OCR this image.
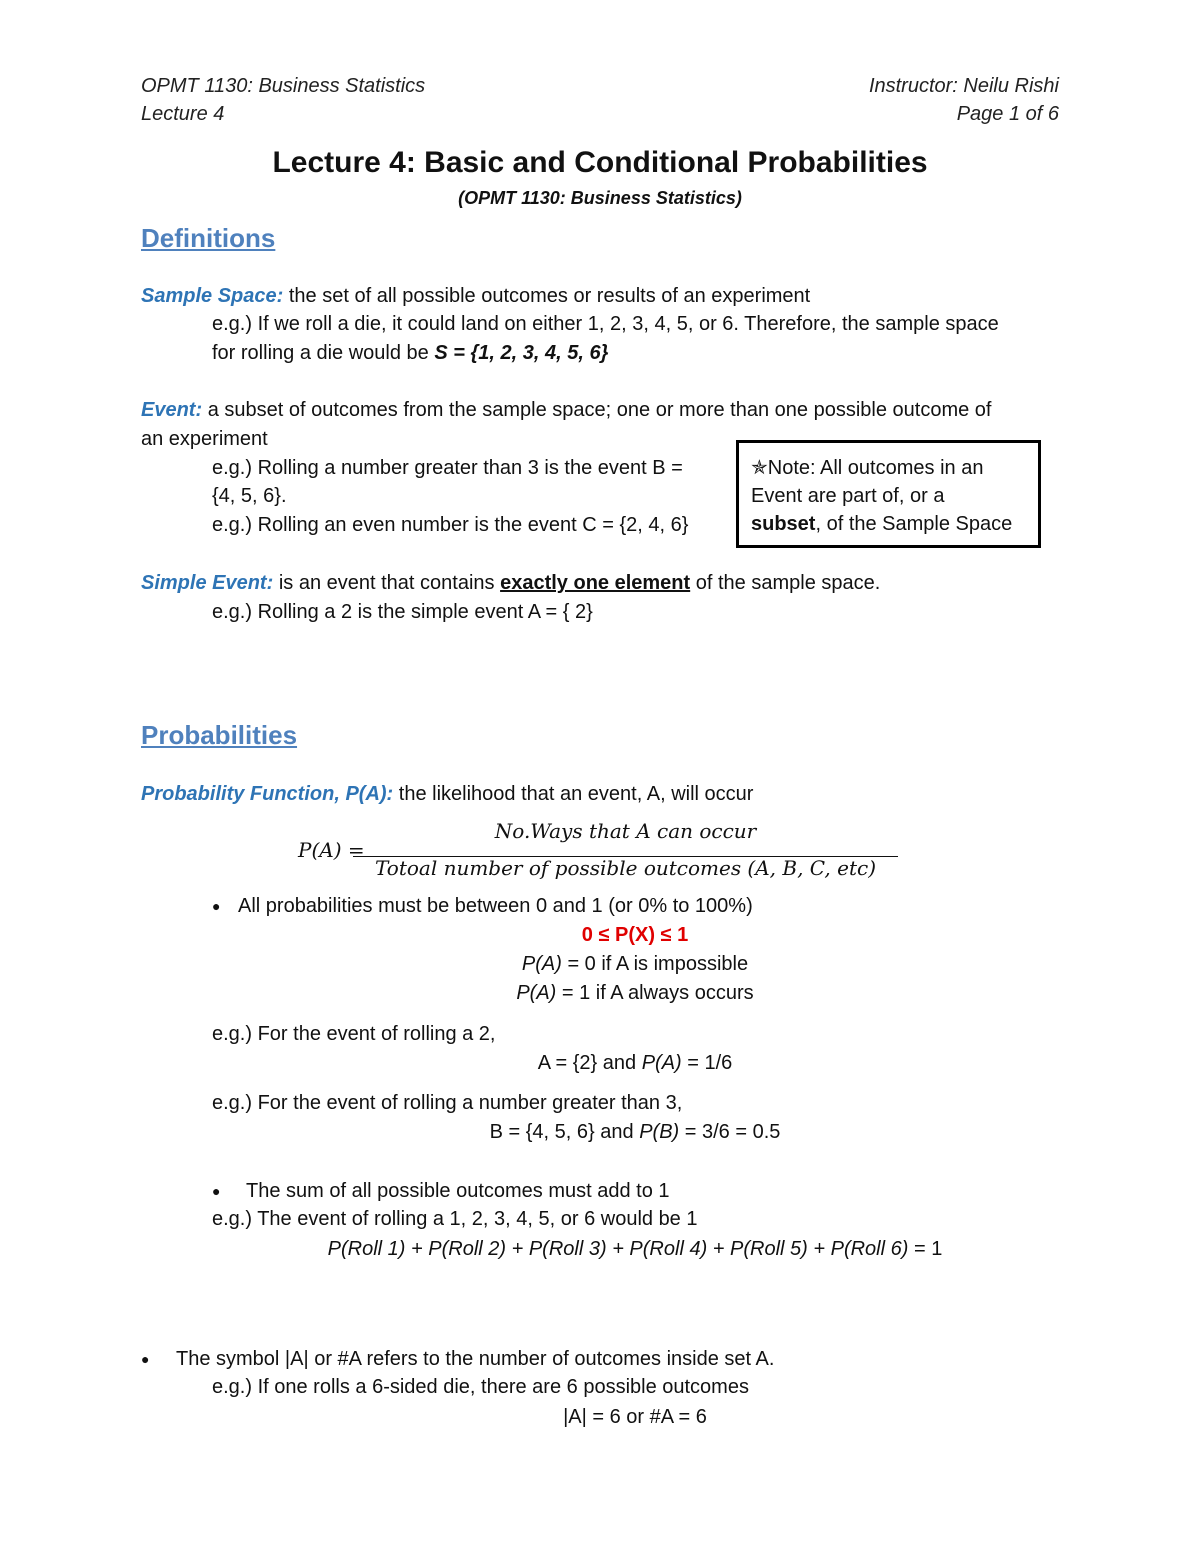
OPMT 1130: Business Statistics
Lecture 4
Instructor: Neilu Rishi
Page 1 of 6
Lecture 4: Basic and Conditional Probabilities
(OPMT 1130: Business Statistics)
Definitions
Sample Space: the set of all possible outcomes or results of an experiment
e.g.) If we roll a die, it could land on either 1, 2, 3, 4, 5, or 6. Therefore, the sample space
for rolling a die would be S = {1, 2, 3, 4, 5, 6}
Event: a subset of outcomes from the sample space; one or more than one possible outcome of
an experiment
e.g.) Rolling a number greater than 3 is the event B =
{4, 5, 6}.
e.g.) Rolling an even number is the event C = {2, 4, 6}
✯Note: All outcomes in an
Event are part of, or a
subset, of the Sample Space
Simple Event: is an event that contains exactly one element of the sample space.
e.g.) Rolling a 2 is the simple event A = { 2}
Probabilities
Probability Function, P(A): the likelihood that an event, A, will occur
P(A) =
No.Ways that A can occur
Totoal number of possible outcomes (A, B, C, etc)
● All probabilities must be between 0 and 1 (or 0% to 100%)
0 ≤ P(X) ≤ 1
P(A) = 0 if A is impossible
P(A) = 1 if A always occurs
e.g.) For the event of rolling a 2,
A = {2} and P(A) = 1/6
e.g.) For the event of rolling a number greater than 3,
B = {4, 5, 6} and P(B) = 3/6 = 0.5
● The sum of all possible outcomes must add to 1
e.g.) The event of rolling a 1, 2, 3, 4, 5, or 6 would be 1
P(Roll 1) + P(Roll 2) + P(Roll 3) + P(Roll 4) + P(Roll 5) + P(Roll 6) = 1
● The symbol |A| or #A refers to the number of outcomes inside set A.
e.g.) If one rolls a 6-sided die, there are 6 possible outcomes
|A| = 6 or #A = 6
